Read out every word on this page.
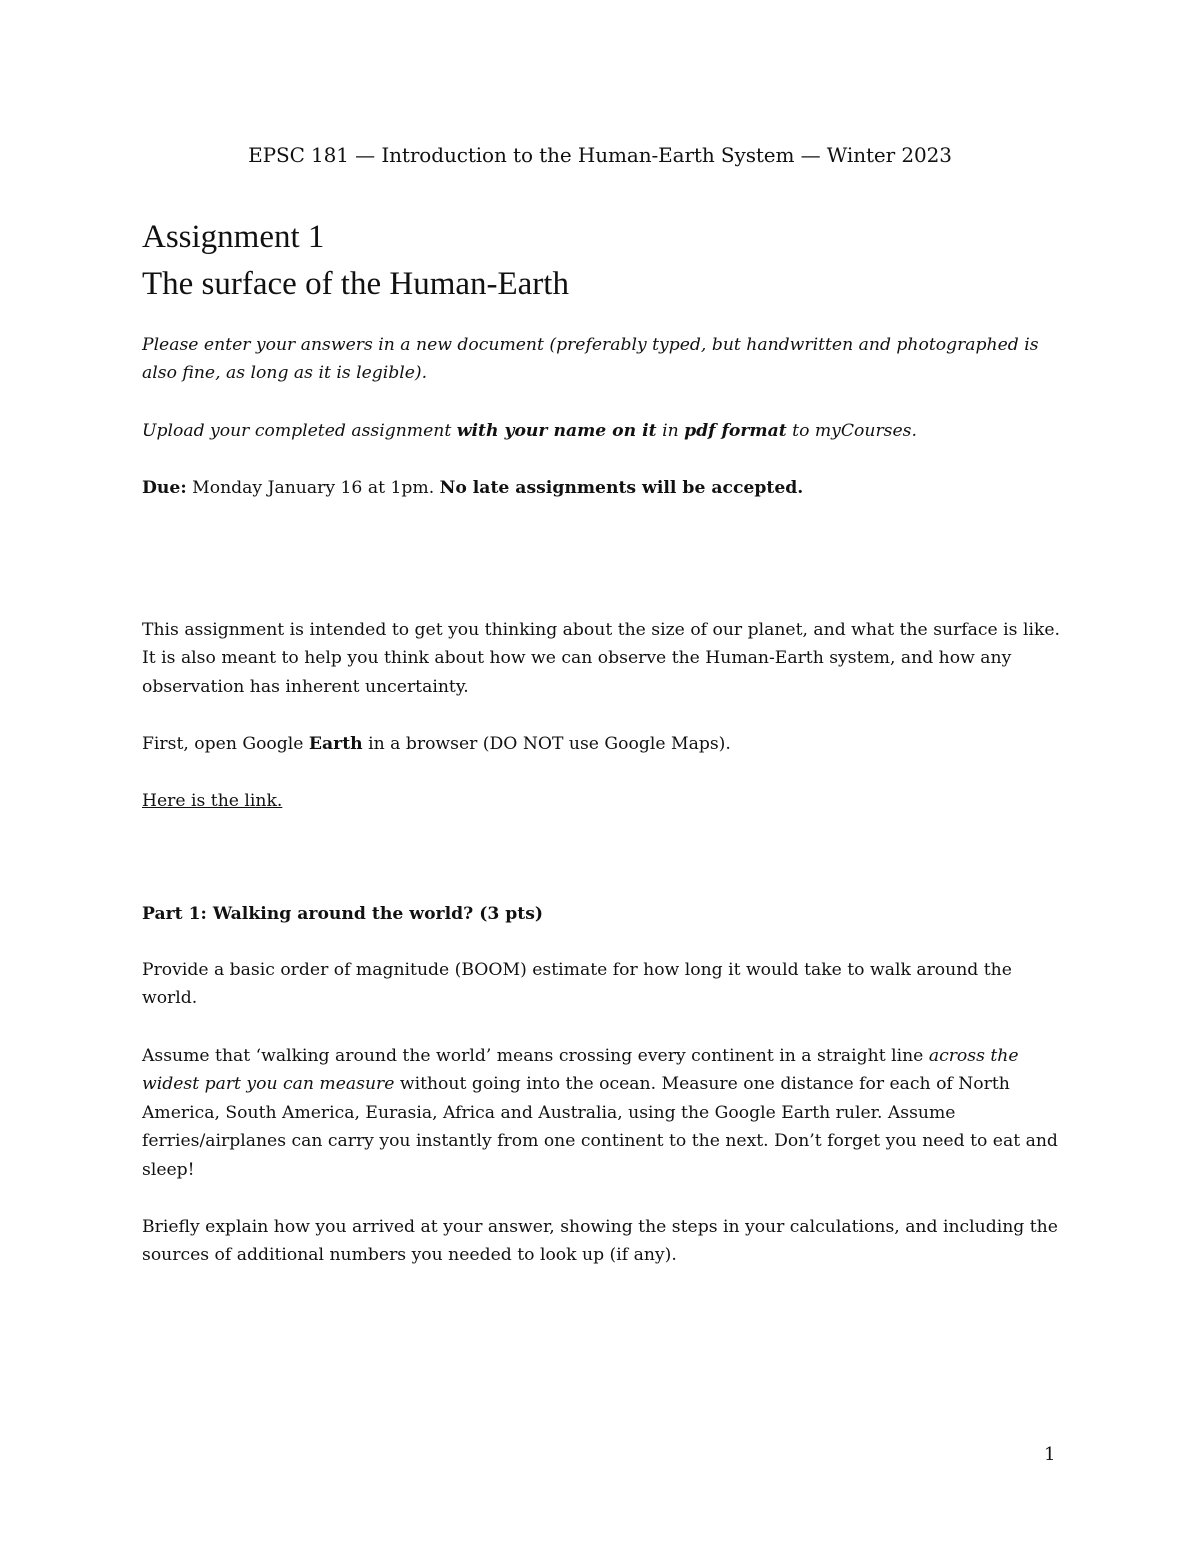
EPSC 181 — Introduction to the Human-Earth System — Winter 2023
Assignment 1
The surface of the Human-Earth
Please enter your answers in a new document (preferably typed, but handwritten and photographed is also fine, as long as it is legible).
Upload your completed assignment with your name on it in pdf format to myCourses.
Due: Monday January 16 at 1pm. No late assignments will be accepted.
This assignment is intended to get you thinking about the size of our planet, and what the surface is like. It is also meant to help you think about how we can observe the Human-Earth system, and how any observation has inherent uncertainty.
First, open Google Earth in a browser (DO NOT use Google Maps).
Here is the link.
Part 1: Walking around the world? (3 pts)
Provide a basic order of magnitude (BOOM) estimate for how long it would take to walk around the world.
Assume that ‘walking around the world’ means crossing every continent in a straight line across the widest part you can measure without going into the ocean. Measure one distance for each of North America, South America, Eurasia, Africa and Australia, using the Google Earth ruler. Assume ferries/airplanes can carry you instantly from one continent to the next. Don’t forget you need to eat and sleep!
Briefly explain how you arrived at your answer, showing the steps in your calculations, and including the sources of additional numbers you needed to look up (if any).
1
